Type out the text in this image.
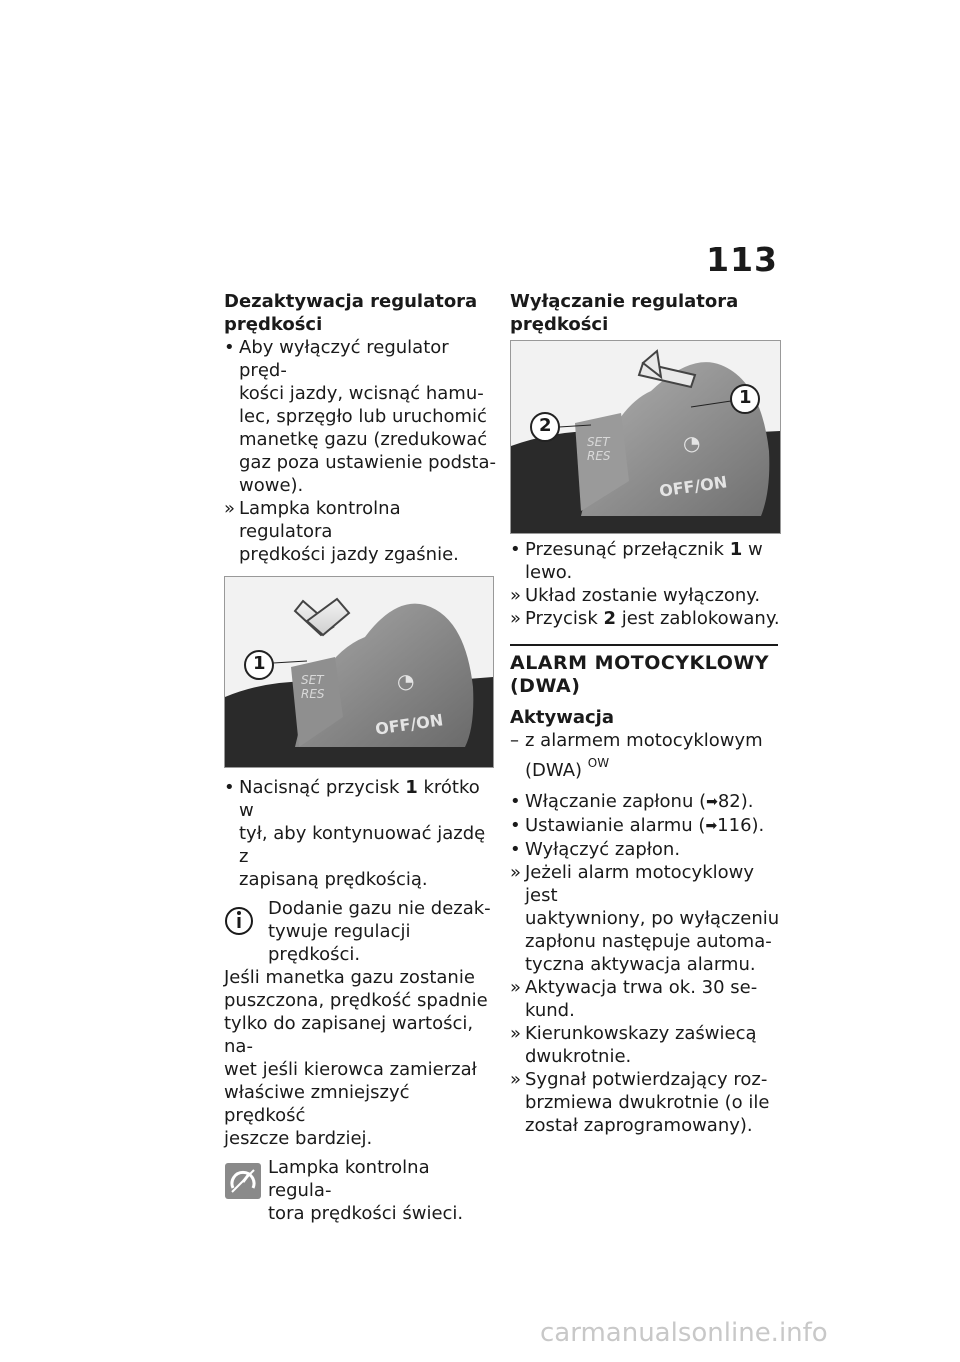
113
Dezaktywacja regulatora
prędkości
• Aby wyłączyć regulator pręd-
kości jazdy, wcisnąć hamu-
lec, sprzęgło lub uruchomić
manetkę gazu (zredukować
gaz poza ustawienie podsta-
wowe).
» Lampka kontrolna regulatora
prędkości jazdy zgaśnie.
1
SET
RES
OFF/ON
◔
• Nacisnąć przycisk 1 krótko w
tył, aby kontynuować jazdę z
zapisaną prędkością.
Dodanie gazu nie dezak-
tywuje regulacji prędkości.
Jeśli manetka gazu zostanie
puszczona, prędkość spadnie
tylko do zapisanej wartości, na-
wet jeśli kierowca zamierzał
właściwe zmniejszyć prędkość
jeszcze bardziej.
Lampka kontrolna regula-
tora prędkości świeci.
Wyłączanie regulatora
prędkości
1
2
SET
RES
OFF/ON
◔
• Przesunąć przełącznik 1 w
lewo.
» Układ zostanie wyłączony.
» Przycisk 2 jest zablokowany.
ALARM MOTOCYKLOWY
(DWA)
Aktywacja
– z alarmem motocyklowym
(DWA) $^{OW}$
• Włączanie zapłonu (➡82).
• Ustawianie alarmu (➡116).
• Wyłączyć zapłon.
» Jeżeli alarm motocyklowy jest
uaktywniony, po wyłączeniu
zapłonu następuje automa-
tyczna aktywacja alarmu.
» Aktywacja trwa ok. 30 se-
kund.
» Kierunkowskazy zaświecą
dwukrotnie.
» Sygnał potwierdzający roz-
brzmiewa dwukrotnie (o ile
został zaprogramowany).
carmanualsonline.info
